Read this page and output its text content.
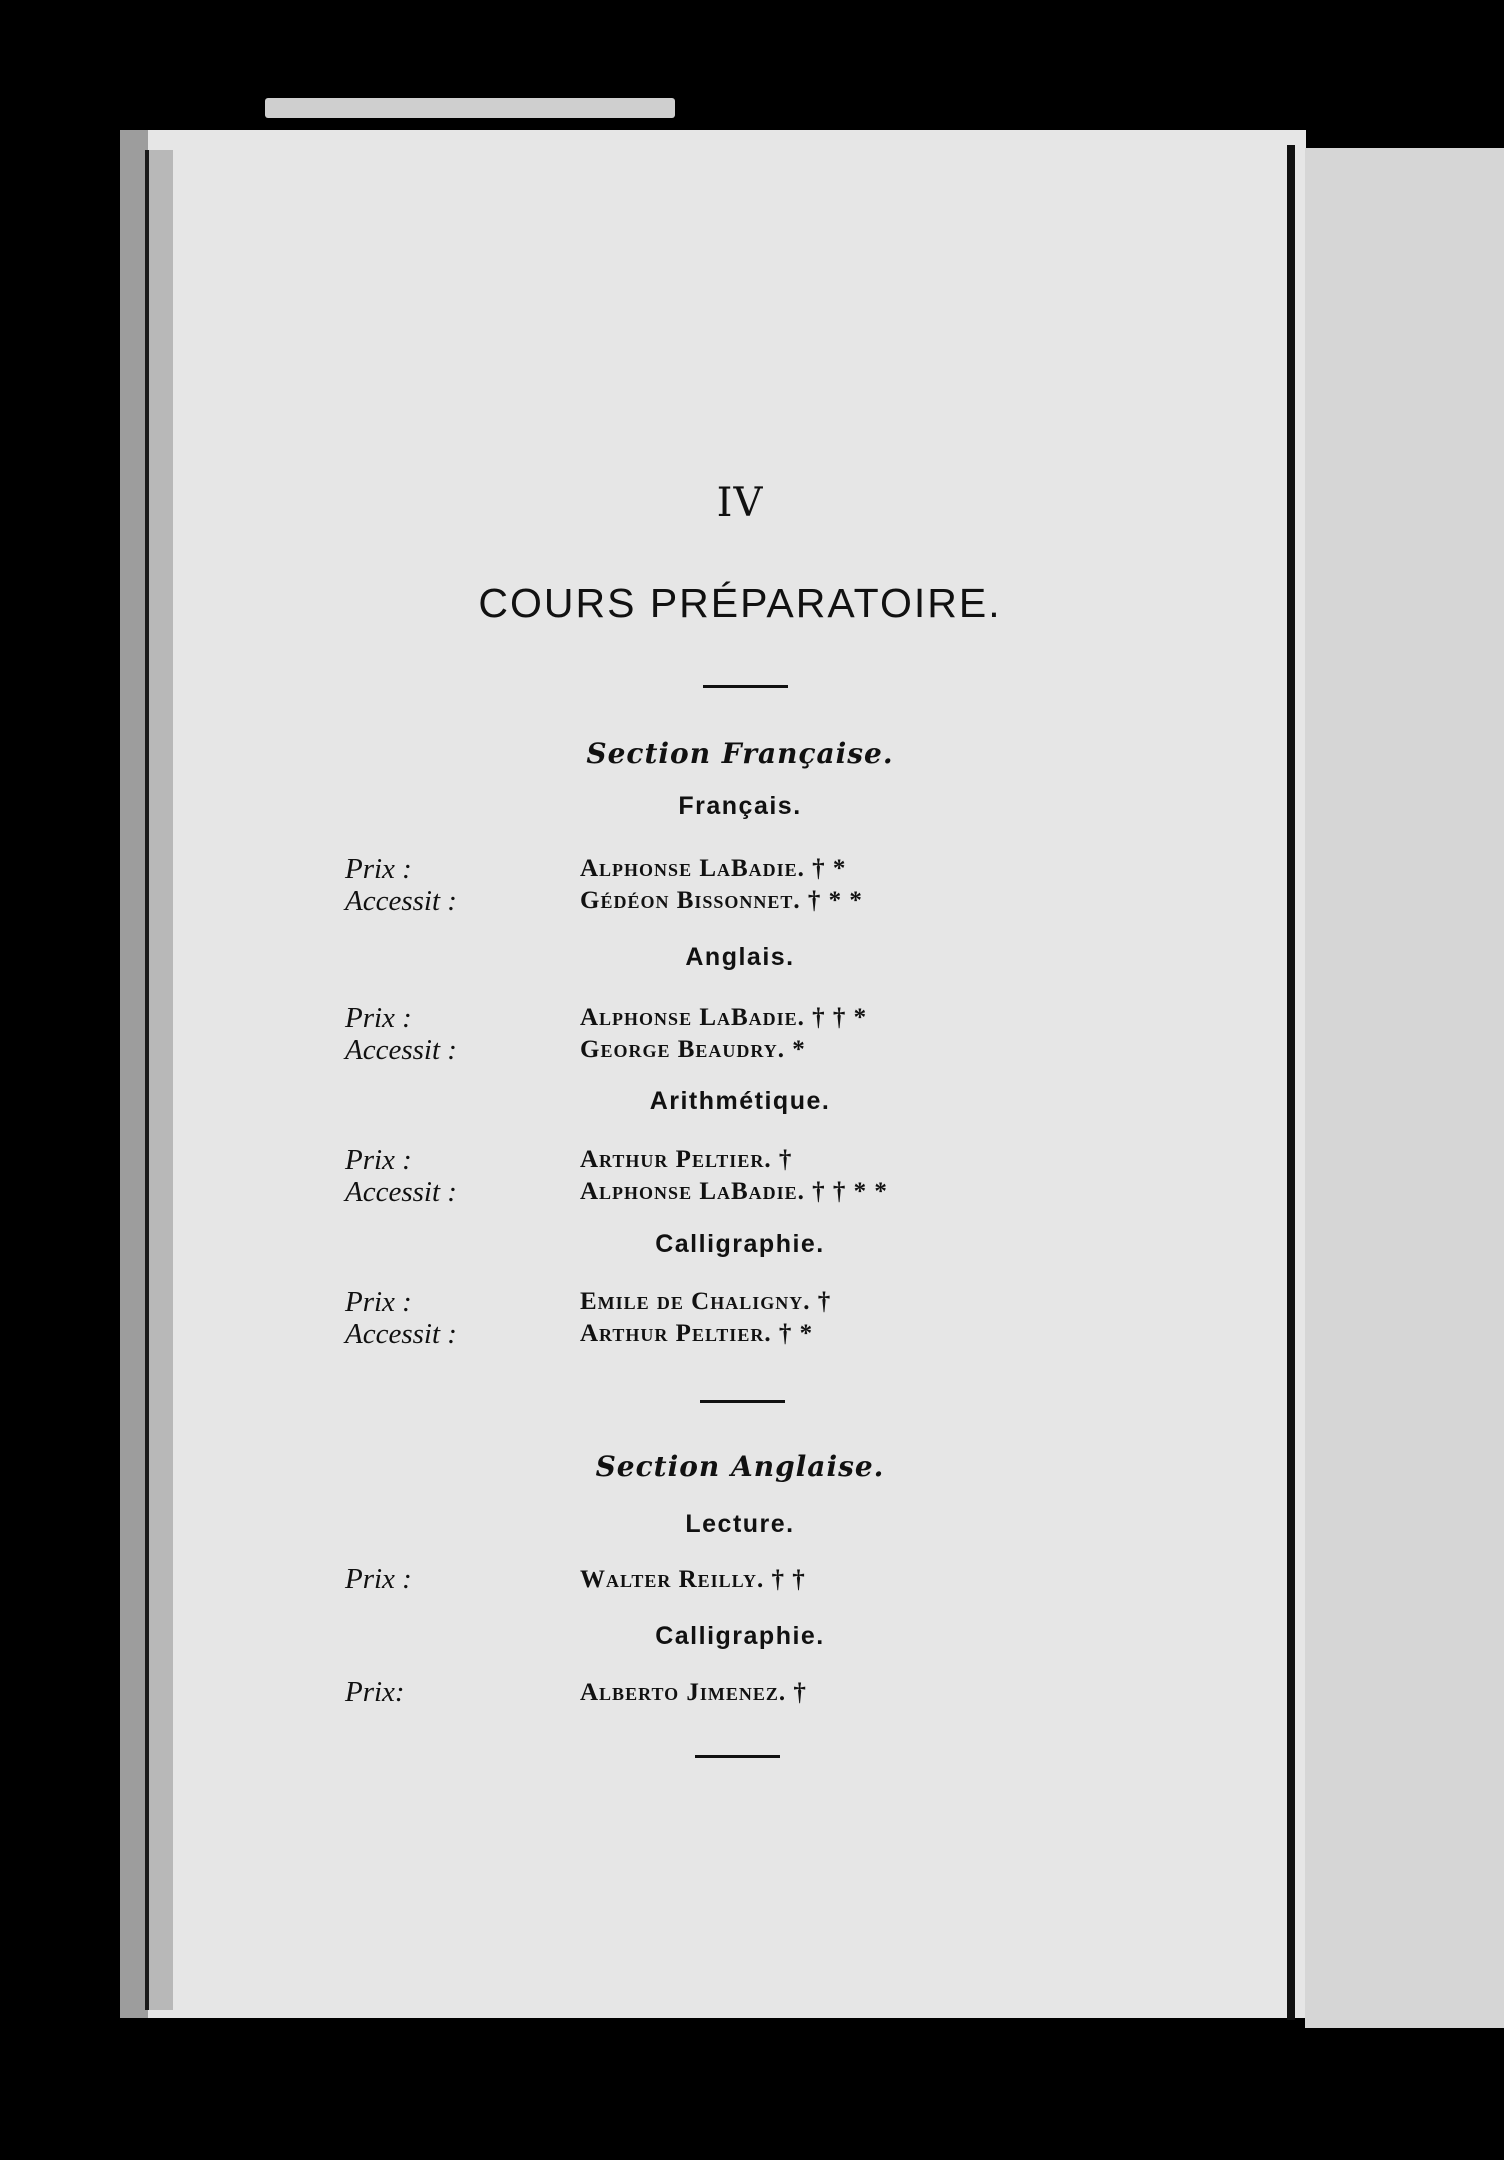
IV
COURS PRÉPARATOIRE.
Section Française.
Français.
Prix :	Alphonse LaBadie. † *
Accessit :	Gédéon Bissonnet. † * *
Anglais.
Prix :	Alphonse LaBadie. † † *
Accessit :	George Beaudry. *
Arithmétique.
Prix :	Arthur Peltier. †
Accessit :	Alphonse LaBadie. † † * *
Calligraphie.
Prix :	Emile de Chaligny. †
Accessit :	Arthur Peltier. † *
Section Anglaise.
Lecture.
Prix :	Walter Reilly. † †
Calligraphie.
Prix:	Alberto Jimenez. †
